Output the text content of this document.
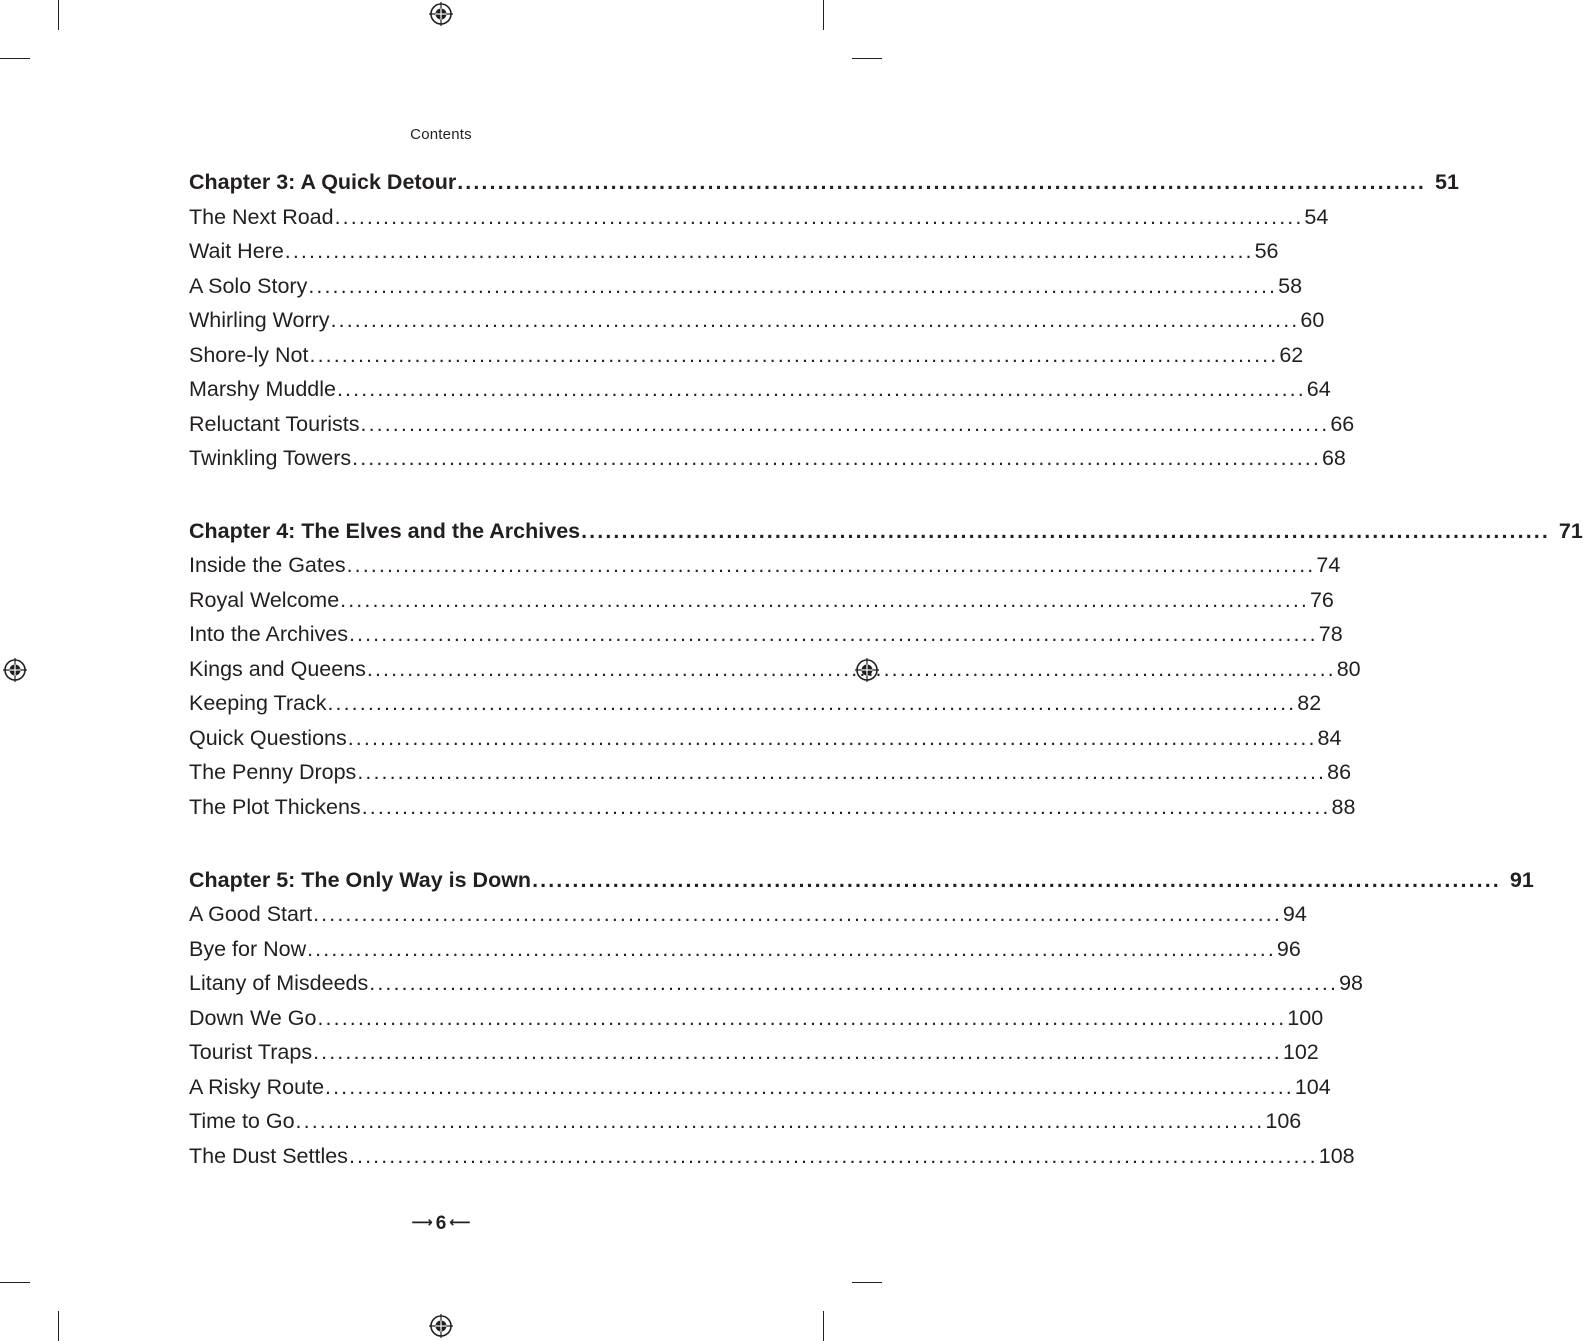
Contents
Chapter 3: A Quick Detour ........................................................................................................................ 51
The Next Road ........................................................................................................................ 54
Wait Here ........................................................................................................................ 56
A Solo Story ........................................................................................................................ 58
Whirling Worry ........................................................................................................................ 60
Shore-ly Not ........................................................................................................................ 62
Marshy Muddle ........................................................................................................................ 64
Reluctant Tourists ........................................................................................................................ 66
Twinkling Towers ........................................................................................................................ 68
Chapter 4: The Elves and the Archives ........................................................................................................................ 71
Inside the Gates ........................................................................................................................ 74
Royal Welcome ........................................................................................................................ 76
Into the Archives ........................................................................................................................ 78
Kings and Queens ........................................................................................................................ 80
Keeping Track ........................................................................................................................ 82
Quick Questions ........................................................................................................................ 84
The Penny Drops ........................................................................................................................ 86
The Plot Thickens ........................................................................................................................ 88
Chapter 5: The Only Way is Down ........................................................................................................................ 91
A Good Start ........................................................................................................................ 94
Bye for Now ........................................................................................................................ 96
Litany of Misdeeds ........................................................................................................................ 98
Down We Go ........................................................................................................................ 100
Tourist Traps ........................................................................................................................ 102
A Risky Route ........................................................................................................................ 104
Time to Go ........................................................................................................................ 106
The Dust Settles ........................................................................................................................ 108
⟶ 6 ⟵
